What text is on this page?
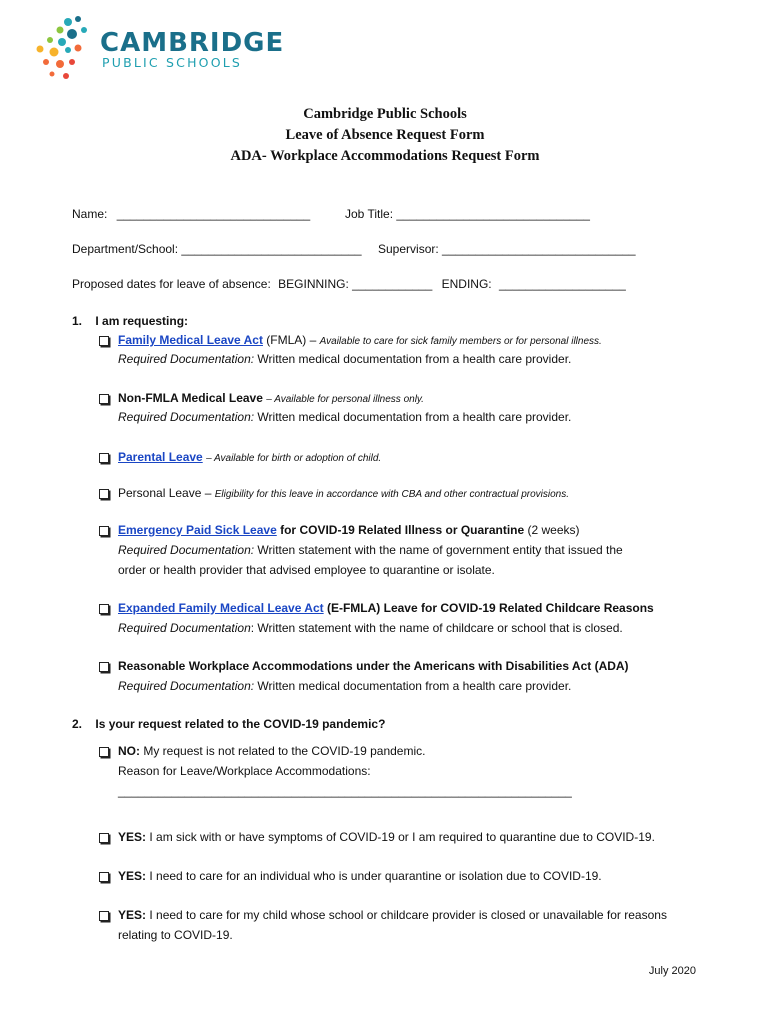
CAMBRIDGE
PUBLIC SCHOOLS
Cambridge Public Schools
Leave of Absence Request Form
ADA- Workplace Accommodations Request Form
Name: _____________________________	Job Title: _____________________________
Department/School: ___________________________ Supervisor: _____________________________
Proposed dates for leave of absence: BEGINNING: ____________ ENDING: ___________________
1. I am requesting:
Family Medical Leave Act (FMLA) – Available to care for sick family members or for personal illness.
Required Documentation: Written medical documentation from a health care provider.
Non-FMLA Medical Leave – Available for personal illness only.
Required Documentation: Written medical documentation from a health care provider.
Parental Leave – Available for birth or adoption of child.
Personal Leave – Eligibility for this leave in accordance with CBA and other contractual provisions.
Emergency Paid Sick Leave for COVID-19 Related Illness or Quarantine (2 weeks)
Required Documentation: Written statement with the name of government entity that issued the
order or health provider that advised employee to quarantine or isolate.
Expanded Family Medical Leave Act (E-FMLA) Leave for COVID-19 Related Childcare Reasons
Required Documentation: Written statement with the name of childcare or school that is closed.
Reasonable Workplace Accommodations under the Americans with Disabilities Act (ADA)
Required Documentation: Written medical documentation from a health care provider.
2. Is your request related to the COVID-19 pandemic?
NO: My request is not related to the COVID-19 pandemic.
Reason for Leave/Workplace Accommodations:
____________________________________________________________________
YES: I am sick with or have symptoms of COVID-19 or I am required to quarantine due to COVID-19.
YES: I need to care for an individual who is under quarantine or isolation due to COVID-19.
YES: I need to care for my child whose school or childcare provider is closed or unavailable for reasons
relating to COVID-19.
July 2020
